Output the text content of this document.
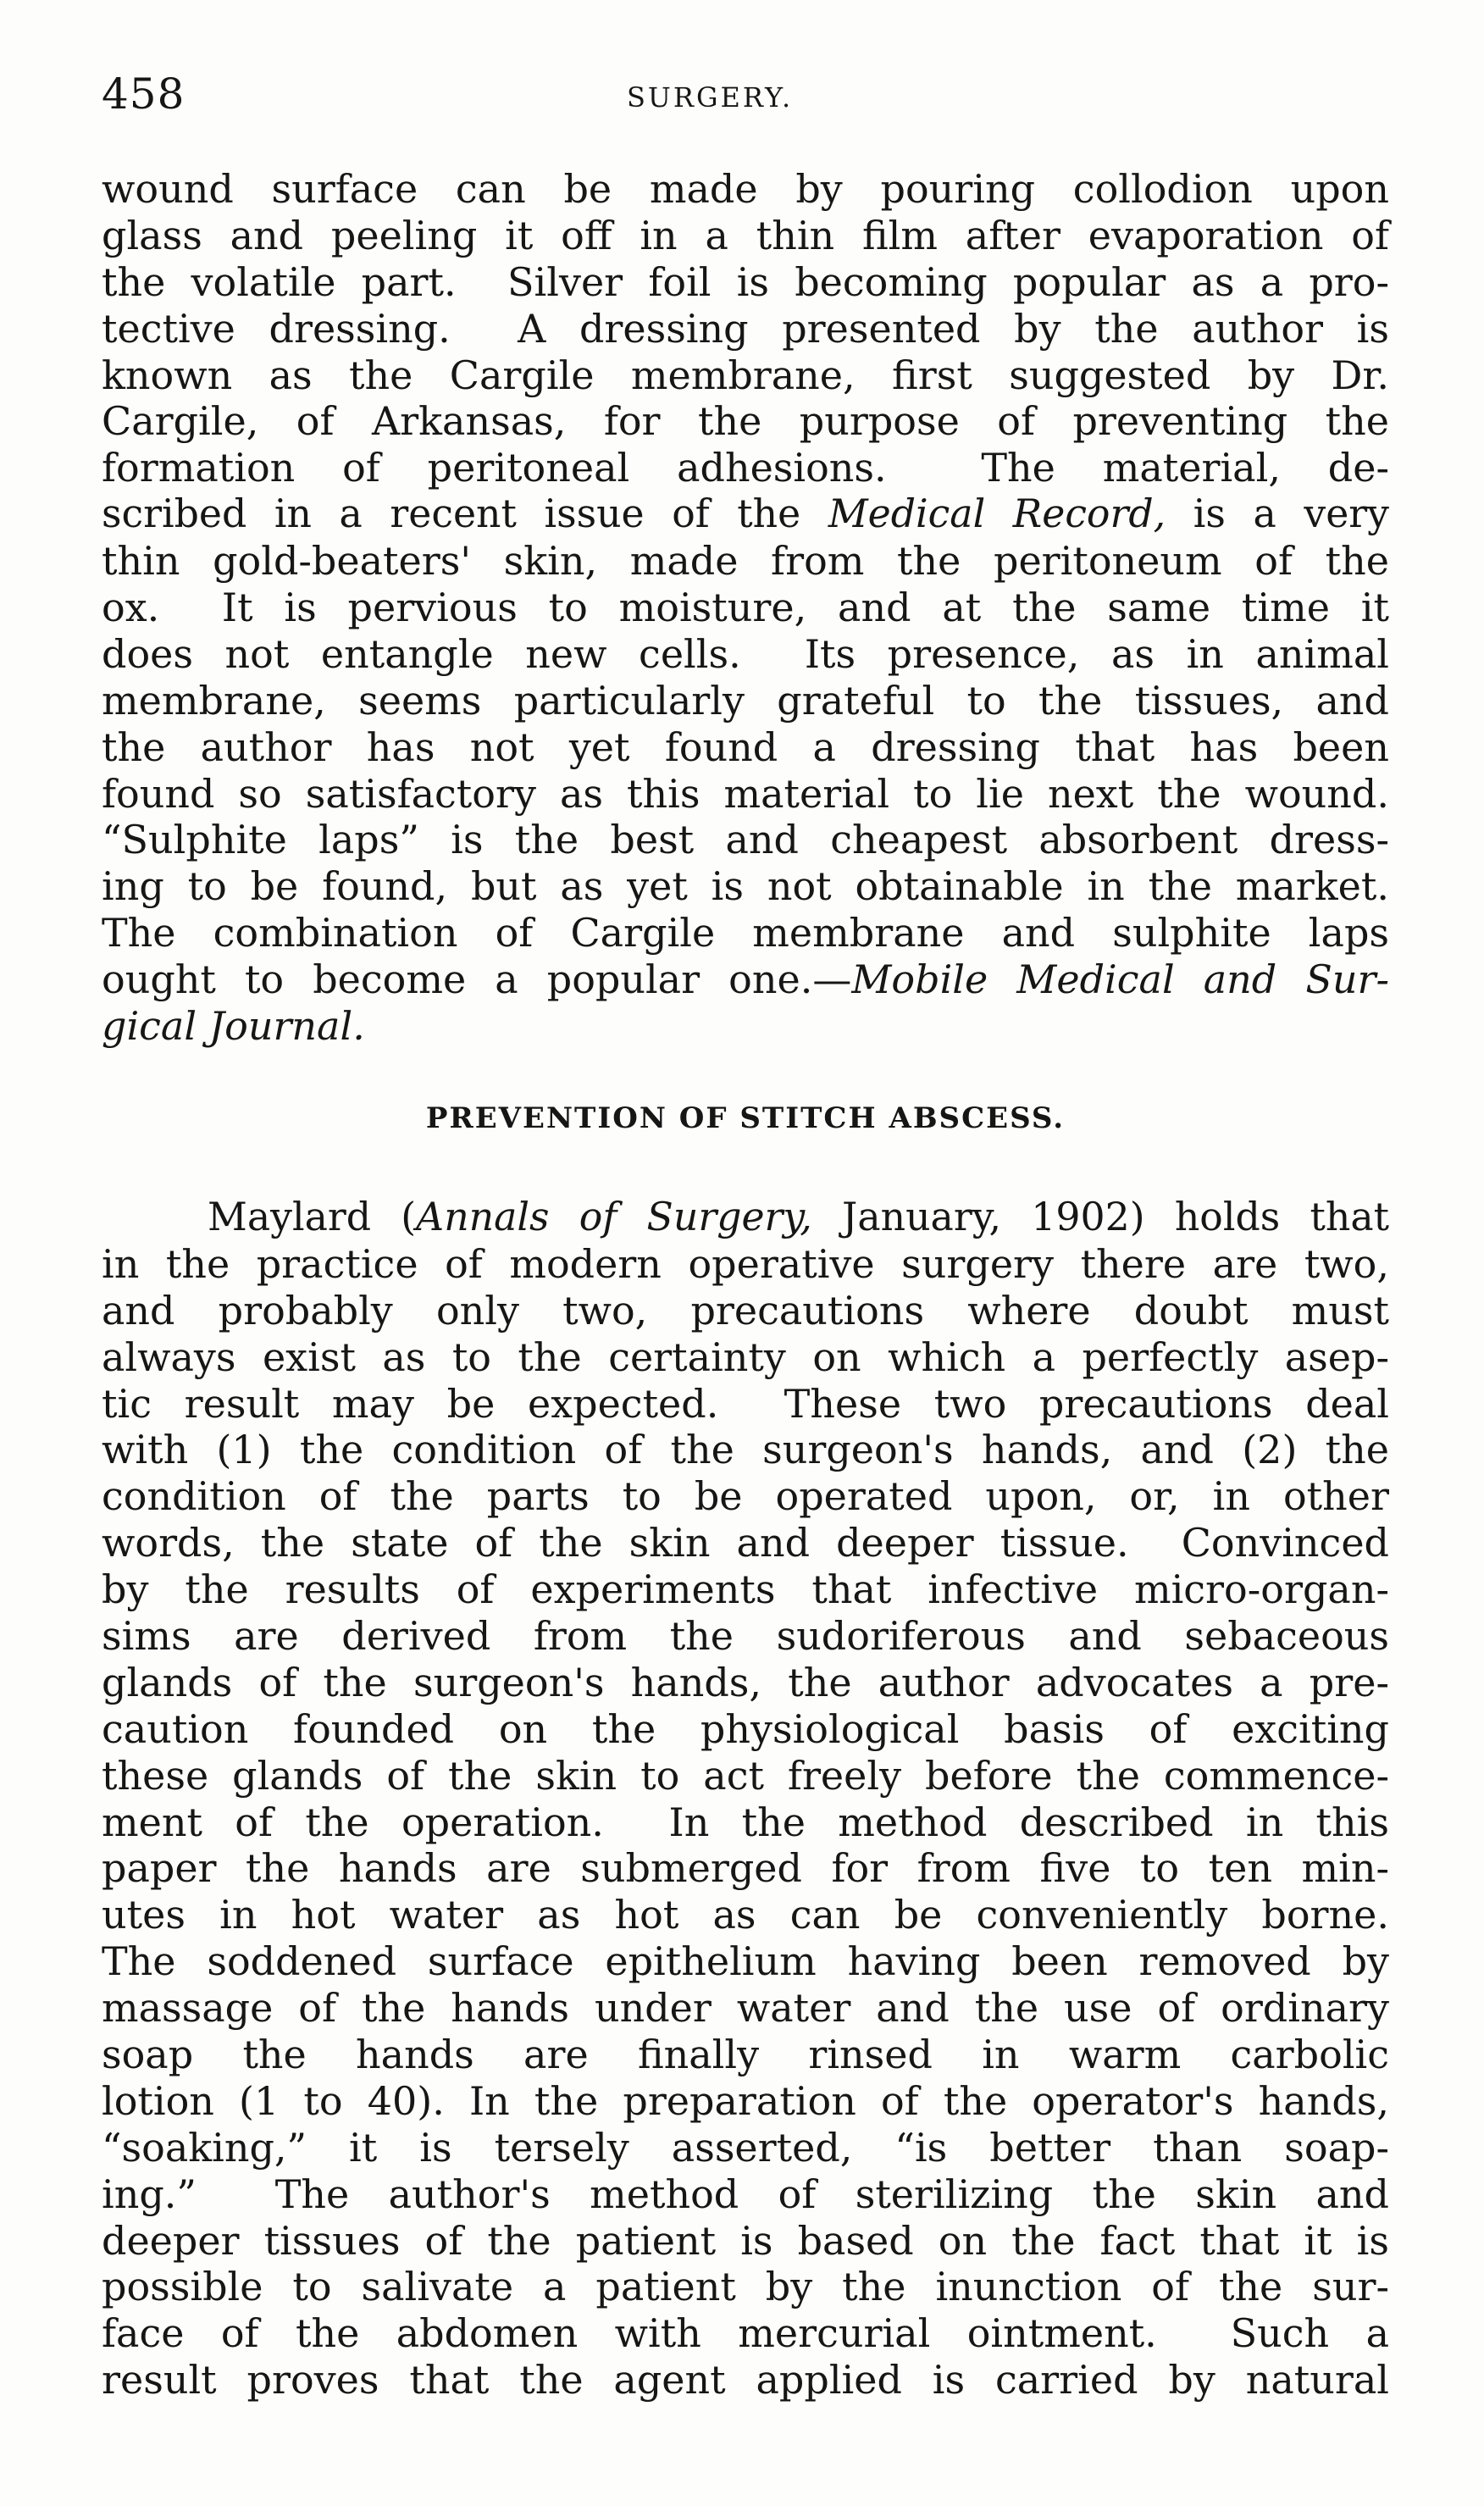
458	SURGERY.
wound surface can be made by pouring collodion upon
glass and peeling it off in a thin film after evaporation of
the volatile part.  Silver foil is becoming popular as a pro-
tective dressing.  A dressing presented by the author is
known as the Cargile membrane, first suggested by Dr.
Cargile, of Arkansas, for the purpose of preventing the
formation of peritoneal adhesions.  The material, de-
scribed in a recent issue of the Medical Record, is a very
thin gold-beaters' skin, made from the peritoneum of the
ox.  It is pervious to moisture, and at the same time it
does not entangle new cells.  Its presence, as in animal
membrane, seems particularly grateful to the tissues, and
the author has not yet found a dressing that has been
found so satisfactory as this material to lie next the wound.
“Sulphite laps” is the best and cheapest absorbent dress-
ing to be found, but as yet is not obtainable in the market.
The combination of Cargile membrane and sulphite laps
ought to become a popular one.—Mobile Medical and Sur-
gical Journal.
PREVENTION OF STITCH ABSCESS.
Maylard (Annals of Surgery, January, 1902) holds that
in the practice of modern operative surgery there are two,
and probably only two, precautions where doubt must
always exist as to the certainty on which a perfectly asep-
tic result may be expected.  These two precautions deal
with (1) the condition of the surgeon's hands, and (2) the
condition of the parts to be operated upon, or, in other
words, the state of the skin and deeper tissue.  Convinced
by the results of experiments that infective micro-organ-
sims are derived from the sudoriferous and sebaceous
glands of the surgeon's hands, the author advocates a pre-
caution founded on the physiological basis of exciting
these glands of the skin to act freely before the commence-
ment of the operation.  In the method described in this
paper the hands are submerged for from five to ten min-
utes in hot water as hot as can be conveniently borne.
The soddened surface epithelium having been removed by
massage of the hands under water and the use of ordinary
soap the hands are finally rinsed in warm carbolic
lotion (1 to 40). In the preparation of the operator's hands,
“soaking,” it is tersely asserted, “is better than soap-
ing.”  The author's method of sterilizing the skin and
deeper tissues of the patient is based on the fact that it is
possible to salivate a patient by the inunction of the sur-
face of the abdomen with mercurial ointment.  Such a
result proves that the agent applied is carried by natural
